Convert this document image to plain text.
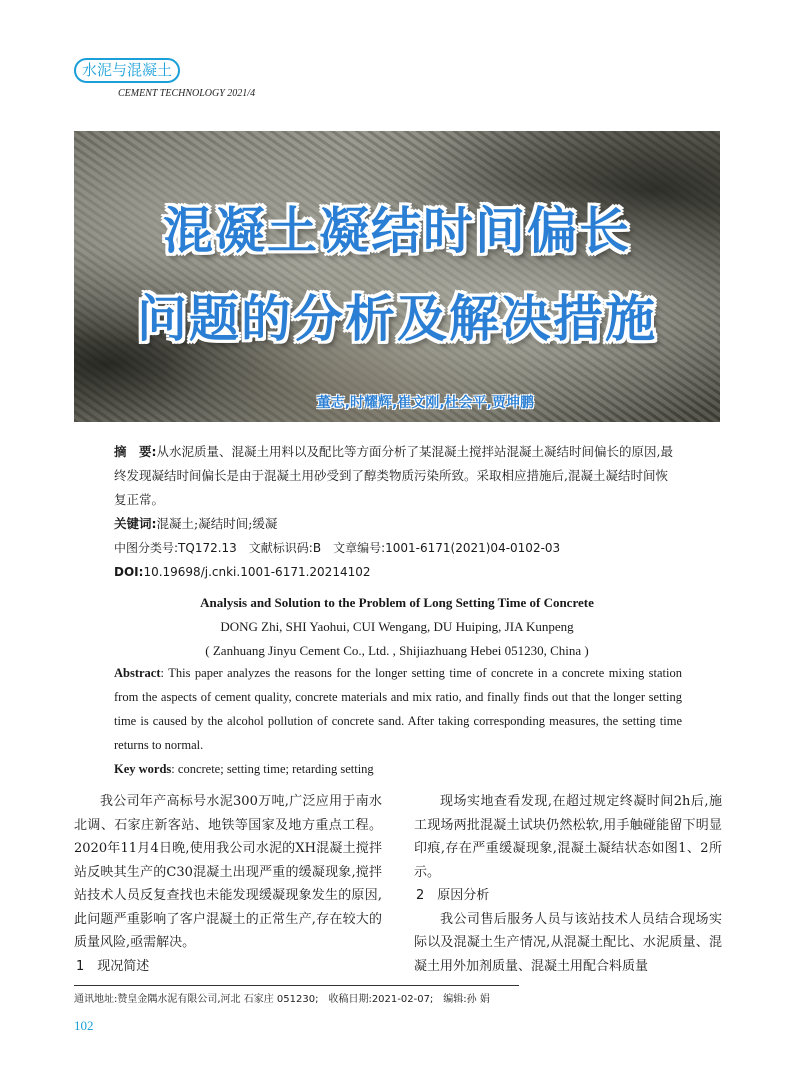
水泥与混凝土
CEMENT TECHNOLOGY 2021/4
混凝土凝结时间偏长
问题的分析及解决措施
董志,时耀辉,崔文刚,杜会平,贾坤鹏

摘　要:从水泥质量、混凝土用料以及配比等方面分析了某混凝土搅拌站混凝土凝结时间偏长的原因,最终发现凝结时间偏长是由于混凝土用砂受到了醇类物质污染所致。采取相应措施后,混凝土凝结时间恢复正常。

关键词:混凝土;凝结时间;缓凝

中图分类号:TQ172.13　文献标识码:B　文章编号:1001-6171(2021)04-0102-03

DOI:10.19698/j.cnki.1001-6171.20214102

Analysis and Solution to the Problem of Long Setting Time of Concrete
DONG Zhi, SHI Yaohui, CUI Wengang, DU Huiping, JIA Kunpeng
( Zanhuang Jinyu Cement Co., Ltd. , Shijiazhuang Hebei 051230, China )

Abstract: This paper analyzes the reasons for the longer setting time of concrete in a concrete mixing station from the aspects of cement quality, concrete materials and mix ratio, and finally finds out that the longer setting time is caused by the alcohol pollution of concrete sand. After taking corresponding measures, the setting time returns to normal.

Key words: concrete; setting time; retarding setting

我公司年产高标号水泥300万吨,广泛应用于南水北调、石家庄新客站、地铁等国家及地方重点工程。2020年11月4日晚,使用我公司水泥的XH混凝土搅拌站反映其生产的C30混凝土出现严重的缓凝现象,搅拌站技术人员反复查找也未能发现缓凝现象发生的原因,此问题严重影响了客户混凝土的正常生产,存在较大的质量风险,亟需解决。

1　现况简述

现场实地查看发现,在超过规定终凝时间2h后,施工现场两批混凝土试块仍然松软,用手触碰能留下明显印痕,存在严重缓凝现象,混凝土凝结状态如图1、2所示。

2　原因分析

我公司售后服务人员与该站技术人员结合现场实际以及混凝土生产情况,从混凝土配比、水泥质量、混凝土用外加剂质量、混凝土用配合料质量

通讯地址:赞皇金隅水泥有限公司,河北 石家庄 051230;　收稿日期:2021-02-07;　编辑:孙 娟
102
